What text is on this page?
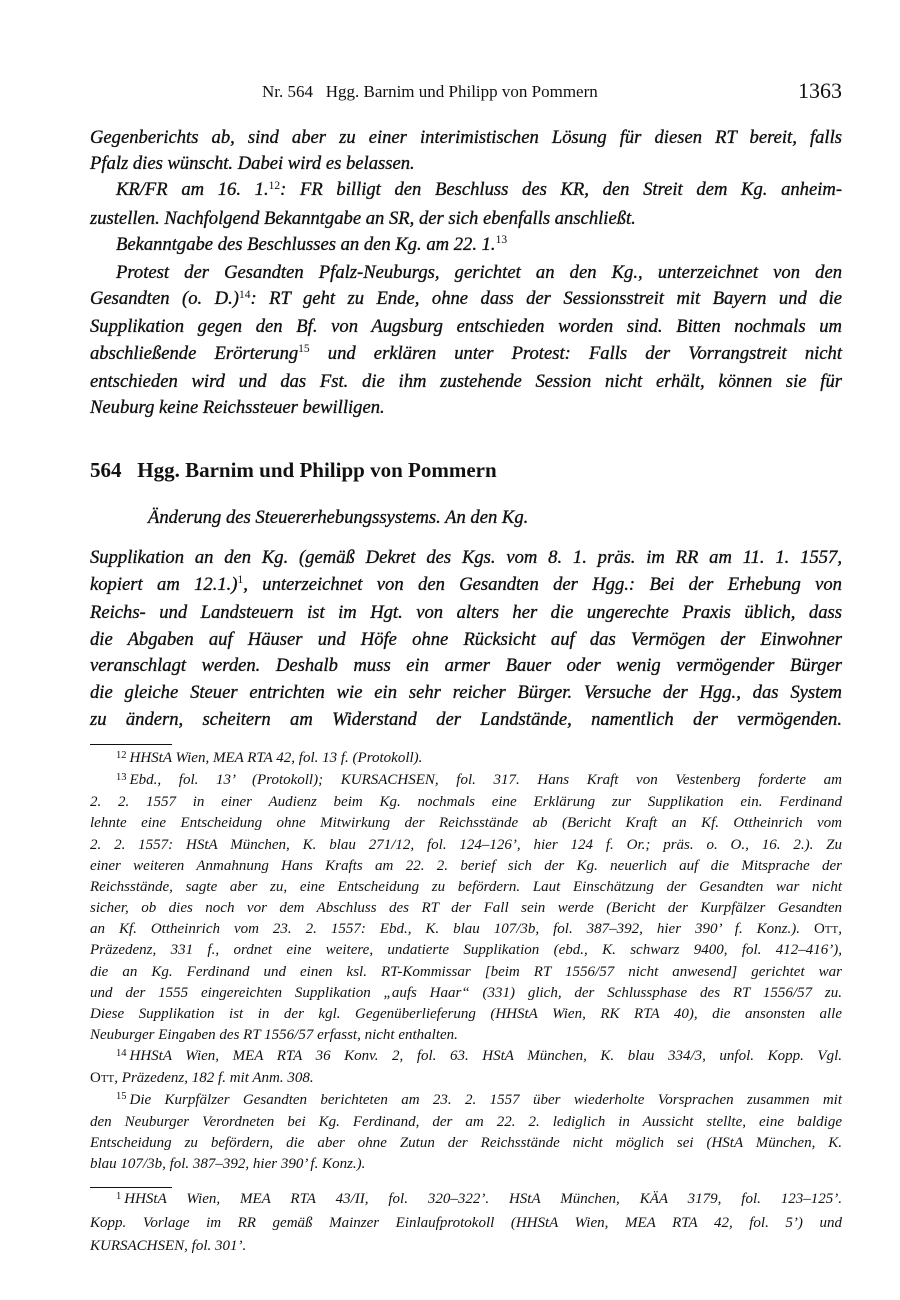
Nr. 564   Hgg. Barnim und Philipp von Pommern	1363
Gegenberichts ab, sind aber zu einer interimistischen Lösung für diesen RT bereit, falls
Pfalz dies wünscht. Dabei wird es belassen.
KR/FR am 16. 1.12: FR billigt den Beschluss des KR, den Streit dem Kg. anheim-
zustellen. Nachfolgend Bekanntgabe an SR, der sich ebenfalls anschließt.
Bekanntgabe des Beschlusses an den Kg. am 22. 1.13
Protest der Gesandten Pfalz-Neuburgs, gerichtet an den Kg., unterzeichnet von den
Gesandten (o. D.)$^{14}$: RT geht zu Ende, ohne dass der Sessionsstreit mit Bayern und die
Supplikation gegen den Bf. von Augsburg entschieden worden sind. Bitten nochmals um
abschließende Erörterung$^{15}$ und erklären unter Protest: Falls der Vorrangstreit nicht
entschieden wird und das Fst. die ihm zustehende Session nicht erhält, können sie für
Neuburg keine Reichssteuer bewilligen.
564   Hgg. Barnim und Philipp von Pommern
Änderung des Steuererhebungssystems. An den Kg.
Supplikation an den Kg. (gemäß Dekret des Kgs. vom 8. 1. präs. im RR am 11. 1. 1557,
kopiert am 12.1.)$^1$, unterzeichnet von den Gesandten der Hgg.: Bei der Erhebung von
Reichs- und Landsteuern ist im Hgt. von alters her die ungerechte Praxis üblich, dass
die Abgaben auf Häuser und Höfe ohne Rücksicht auf das Vermögen der Einwohner
veranschlagt werden. Deshalb muss ein armer Bauer oder wenig vermögender Bürger
die gleiche Steuer entrichten wie ein sehr reicher Bürger. Versuche der Hgg., das System
zu ändern, scheitern am Widerstand der Landstände, namentlich der vermögenden.
$^{12}$ HHStA Wien, MEA RTA 42, fol. 13 f. (Protokoll).
$^{13}$ Ebd., fol. 13’ (Protokoll); KURSACHSEN, fol. 317. Hans Kraft von Vestenberg forderte am
2. 2. 1557 in einer Audienz beim Kg. nochmals eine Erklärung zur Supplikation ein. Ferdinand
lehnte eine Entscheidung ohne Mitwirkung der Reichsstände ab (Bericht Kraft an Kf. Ottheinrich vom
2. 2. 1557: HStA München, K. blau 271/12, fol. 124–126’, hier 124 f. Or.; präs. o. O., 16. 2.). Zu
einer weiteren Anmahnung Hans Krafts am 22. 2. berief sich der Kg. neuerlich auf die Mitsprache der
Reichsstände, sagte aber zu, eine Entscheidung zu befördern. Laut Einschätzung der Gesandten war nicht
sicher, ob dies noch vor dem Abschluss des RT der Fall sein werde (Bericht der Kurpfälzer Gesandten
an Kf. Ottheinrich vom 23. 2. 1557: Ebd., K. blau 107/3b, fol. 387–392, hier 390’ f. Konz.). Ott,
Präzedenz, 331 f., ordnet eine weitere, undatierte Supplikation (ebd., K. schwarz 9400, fol. 412–416’),
die an Kg. Ferdinand und einen ksl. RT-Kommissar [beim RT 1556/57 nicht anwesend] gerichtet war
und der 1555 eingereichten Supplikation „aufs Haar“ (331) glich, der Schlussphase des RT 1556/57 zu.
Diese Supplikation ist in der kgl. Gegenüberlieferung (HHStA Wien, RK RTA 40), die ansonsten alle
Neuburger Eingaben des RT 1556/57 erfasst, nicht enthalten.
$^{14}$ HHStA Wien, MEA RTA 36 Konv. 2, fol. 63. HStA München, K. blau 334/3, unfol. Kopp. Vgl.
Ott, Präzedenz, 182 f. mit Anm. 308.
$^{15}$ Die Kurpfälzer Gesandten berichteten am 23. 2. 1557 über wiederholte Vorsprachen zusammen mit
den Neuburger Verordneten bei Kg. Ferdinand, der am 22. 2. lediglich in Aussicht stellte, eine baldige
Entscheidung zu befördern, die aber ohne Zutun der Reichsstände nicht möglich sei (HStA München, K.
blau 107/3b, fol. 387–392, hier 390’ f. Konz.).
$^1$ HHStA Wien, MEA RTA 43/II, fol. 320–322’. HStA München, KÄA 3179, fol. 123–125’.
Kopp. Vorlage im RR gemäß Mainzer Einlaufprotokoll (HHStA Wien, MEA RTA 42, fol. 5’) und
KURSACHSEN, fol. 301’.
